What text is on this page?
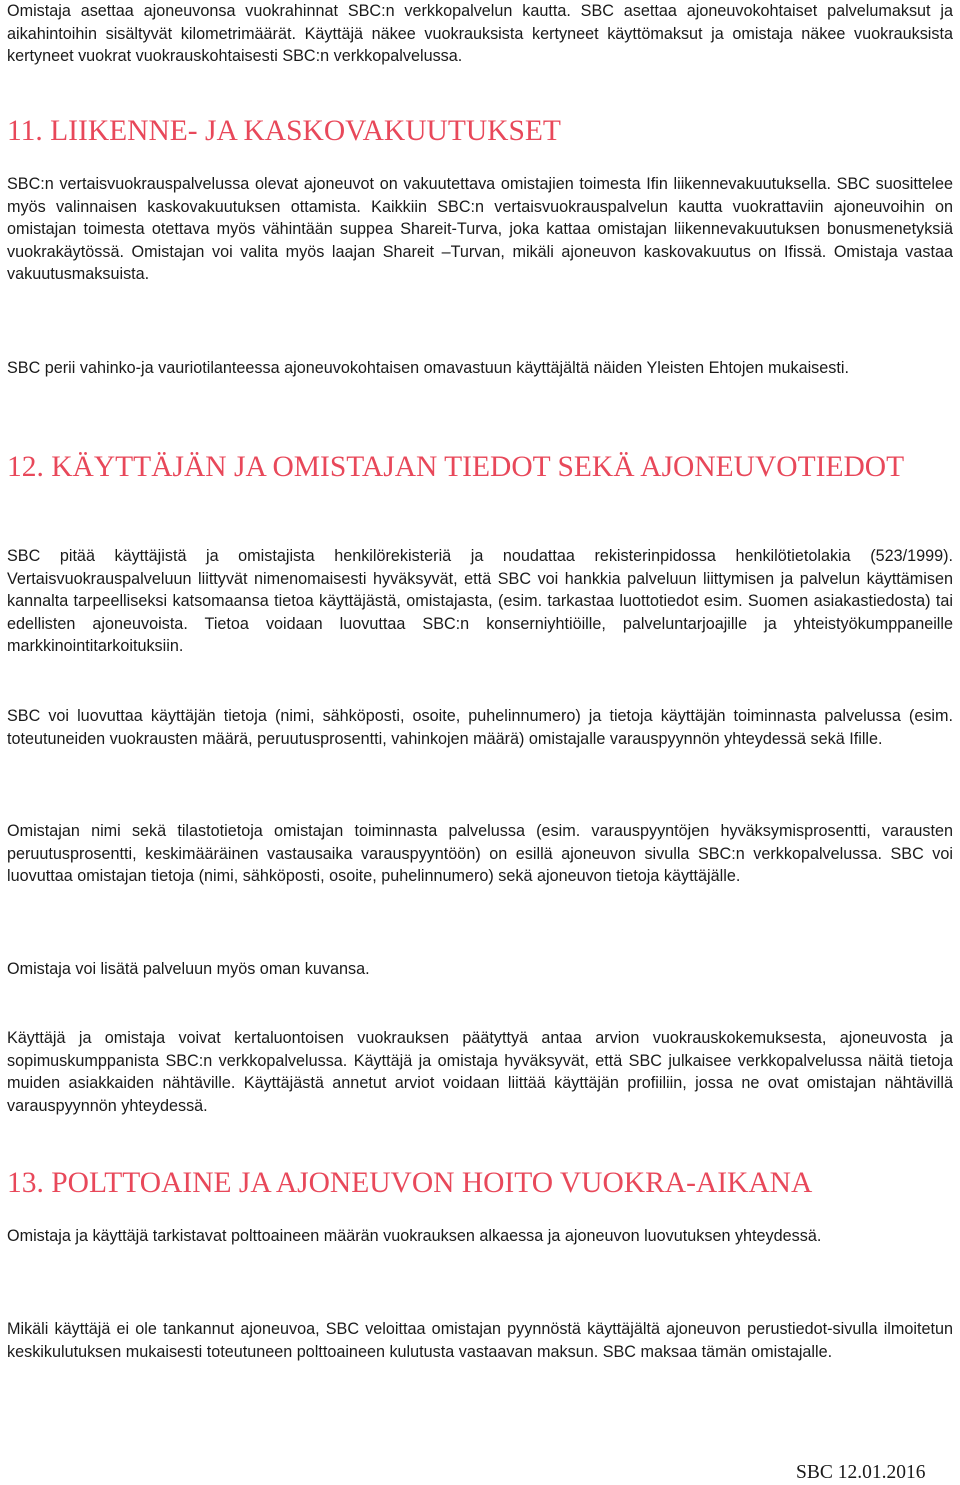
Omistaja asettaa ajoneuvonsa vuokrahinnat SBC:n verkkopalvelun kautta. SBC asettaa ajoneuvokohtaiset palvelumaksut ja aikahintoihin sisältyvät kilometrimäärät. Käyttäjä näkee vuokrauksista kertyneet käyttömaksut ja omistaja näkee vuokrauksista kertyneet vuokrat vuokrauskohtaisesti SBC:n verkkopalvelussa.

11. LIIKENNE- JA KASKOVAKUUTUKSET

SBC:n vertaisvuokrauspalvelussa olevat ajoneuvot on vakuutettava omistajien toimesta Ifin liikennevakuutuksella. SBC suosittelee myös valinnaisen kaskovakuutuksen ottamista. Kaikkiin SBC:n vertaisvuokrauspalvelun kautta vuokrattaviin ajoneuvoihin on omistajan toimesta otettava myös vähintään suppea Shareit-Turva, joka kattaa omistajan liikennevakuutuksen bonusmenetyksiä vuokrakäytössä. Omistajan voi valita myös laajan Shareit –Turvan, mikäli ajoneuvon kaskovakuutus on Ifissä. Omistaja vastaa vakuutusmaksuista.

SBC perii vahinko-ja vauriotilanteessa ajoneuvokohtaisen omavastuun käyttäjältä näiden Yleisten Ehtojen mukaisesti.

12. KÄYTTÄJÄN JA OMISTAJAN TIEDOT SEKÄ AJONEUVOTIEDOT

SBC pitää käyttäjistä ja omistajista henkilörekisteriä ja noudattaa rekisterinpidossa henkilötietolakia (523/1999). Vertaisvuokrauspalveluun liittyvät nimenomaisesti hyväksyvät, että SBC voi hankkia palveluun liittymisen ja palvelun käyttämisen kannalta tarpeelliseksi katsomaansa tietoa käyttäjästä, omistajasta, (esim. tarkastaa luottotiedot esim. Suomen asiakastiedosta) tai edellisten ajoneuvoista. Tietoa voidaan luovuttaa SBC:n konserniyhtiöille, palveluntarjoajille ja yhteistyökumppaneille markkinointitarkoituksiin.

SBC voi luovuttaa käyttäjän tietoja (nimi, sähköposti, osoite, puhelinnumero) ja tietoja käyttäjän toiminnasta palvelussa (esim. toteutuneiden vuokrausten määrä, peruutusprosentti, vahinkojen määrä) omistajalle varauspyynnön yhteydessä sekä Ifille.

Omistajan nimi sekä tilastotietoja omistajan toiminnasta palvelussa (esim. varauspyyntöjen hyväksymisprosentti, varausten peruutusprosentti, keskimääräinen vastausaika varauspyyntöön) on esillä ajoneuvon sivulla SBC:n verkkopalvelussa. SBC voi luovuttaa omistajan tietoja (nimi, sähköposti, osoite, puhelinnumero) sekä ajoneuvon tietoja käyttäjälle.

Omistaja voi lisätä palveluun myös oman kuvansa.

Käyttäjä ja omistaja voivat kertaluontoisen vuokrauksen päätyttyä antaa arvion vuokrauskokemuksesta, ajoneuvosta ja sopimuskumppanista SBC:n verkkopalvelussa. Käyttäjä ja omistaja hyväksyvät, että SBC julkaisee verkkopalvelussa näitä tietoja muiden asiakkaiden nähtäville. Käyttäjästä annetut arviot voidaan liittää käyttäjän profiiliin, jossa ne ovat omistajan nähtävillä varauspyynnön yhteydessä.

13. POLTTOAINE JA AJONEUVON HOITO VUOKRA-AIKANA

Omistaja ja käyttäjä tarkistavat polttoaineen määrän vuokrauksen alkaessa ja ajoneuvon luovutuksen yhteydessä.

Mikäli käyttäjä ei ole tankannut ajoneuvoa, SBC veloittaa omistajan pyynnöstä käyttäjältä ajoneuvon perustiedot-sivulla ilmoitetun keskikulutuksen mukaisesti toteutuneen polttoaineen kulutusta vastaavan maksun. SBC maksaa tämän omistajalle.

SBC 12.01.2016
